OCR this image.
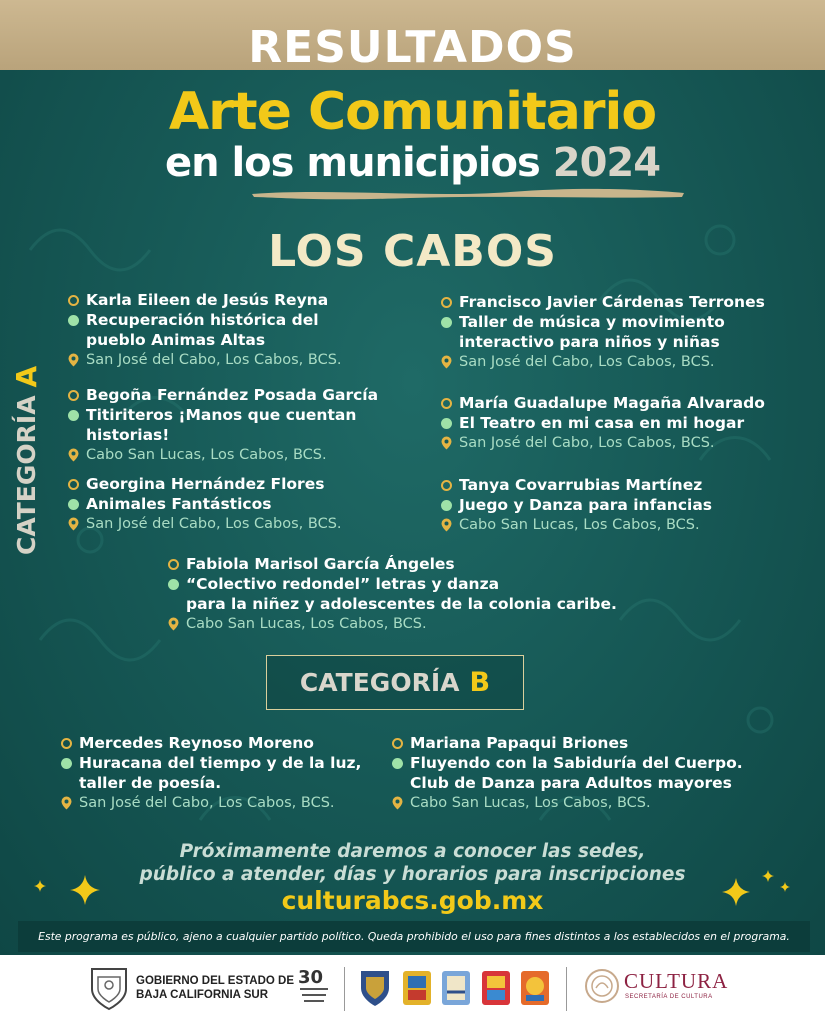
RESULTADOS
Arte Comunitario
en los municipios 2024
LOS CABOS
CATEGORÍA
A
Karla Eileen de Jesús Reyna
Recuperación histórica del
pueblo Animas Altas
San José del Cabo, Los Cabos, BCS.
Francisco Javier Cárdenas Terrones
Taller de música y movimiento
interactivo para niños y niñas
San José del Cabo, Los Cabos, BCS.
Begoña Fernández Posada García
Titiriteros ¡Manos que cuentan
historias!
Cabo San Lucas, Los Cabos, BCS.
María Guadalupe Magaña Alvarado
El Teatro en mi casa en mi hogar
San José del Cabo, Los Cabos, BCS.
Georgina Hernández Flores
Animales Fantásticos
San José del Cabo, Los Cabos, BCS.
Tanya Covarrubias Martínez
Juego y Danza para infancias
Cabo San Lucas, Los Cabos, BCS.
Fabiola Marisol García Ángeles
“Colectivo redondel” letras y danza
para la niñez y adolescentes de la colonia caribe.
Cabo San Lucas, Los Cabos, BCS.
CATEGORÍA B
Mercedes Reynoso Moreno
Huracana del tiempo y de la luz,
taller de poesía.
San José del Cabo, Los Cabos, BCS.
Mariana Papaqui Briones
Fluyendo con la Sabiduría del Cuerpo.
Club de Danza para Adultos mayores
Cabo San Lucas, Los Cabos, BCS.
Próximamente daremos a conocer las sedes,
público a atender, días y horarios para inscripciones
culturabcs.gob.mx
Este programa es público, ajeno a cualquier partido político. Queda prohibido el uso para fines distintos a los establecidos en el programa.
GOBIERNO DEL ESTADO DE
BAJA CALIFORNIA SUR
30	CULTURA
SECRETARÍA DE CULTURA
